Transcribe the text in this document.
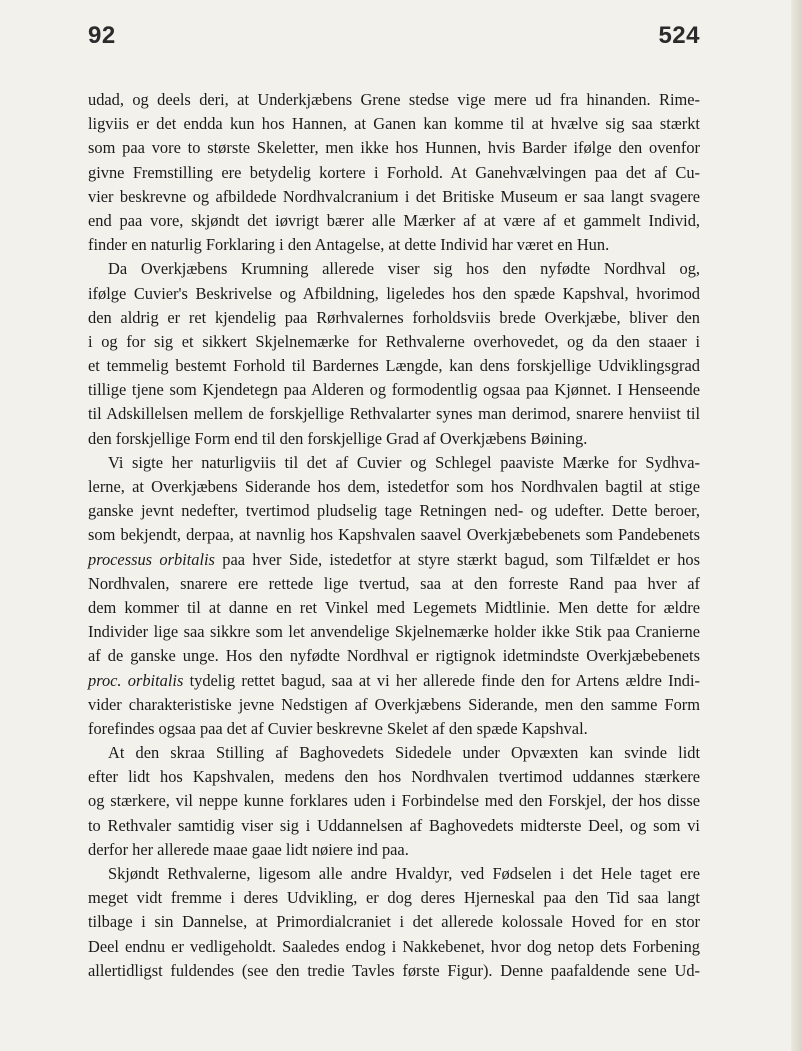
92	524
udad, og deels deri, at Underkjæbens Grene stedse vige mere ud fra hinanden. Rime-
ligviis er det endda kun hos Hannen, at Ganen kan komme til at hvælve sig saa stærkt
som paa vore to største Skeletter, men ikke hos Hunnen, hvis Barder ifølge den ovenfor
givne Fremstilling ere betydelig kortere i Forhold. At Ganehvælvingen paa det af Cu-
vier beskrevne og afbildede Nordhvalcranium i det Britiske Museum er saa langt svagere
end paa vore, skjøndt det iøvrigt bærer alle Mærker af at være af et gammelt Individ,
finder en naturlig Forklaring i den Antagelse, at dette Individ har været en Hun.
Da Overkjæbens Krumning allerede viser sig hos den nyfødte Nordhval og,
ifølge Cuvier's Beskrivelse og Afbildning, ligeledes hos den spæde Kapshval, hvorimod
den aldrig er ret kjendelig paa Rørhvalernes forholdsviis brede Overkjæbe, bliver den
i og for sig et sikkert Skjelnemærke for Rethvalerne overhovedet, og da den staaer i
et temmelig bestemt Forhold til Bardernes Længde, kan dens forskjellige Udviklingsgrad
tillige tjene som Kjendetegn paa Alderen og formodentlig ogsaa paa Kjønnet. I Henseende
til Adskillelsen mellem de forskjellige Rethvalarter synes man derimod, snarere henviist til
den forskjellige Form end til den forskjellige Grad af Overkjæbens Bøining.
Vi sigte her naturligviis til det af Cuvier og Schlegel paaviste Mærke for Sydhva-
lerne, at Overkjæbens Siderande hos dem, istedetfor som hos Nordhvalen bagtil at stige
ganske jevnt nedefter, tvertimod pludselig tage Retningen ned- og udefter. Dette beroer,
som bekjendt, derpaa, at navnlig hos Kapshvalen saavel Overkjæbebenets som Pandebenets
processus orbitalis paa hver Side, istedetfor at styre stærkt bagud, som Tilfældet er hos
Nordhvalen, snarere ere rettede lige tvertud, saa at den forreste Rand paa hver af
dem kommer til at danne en ret Vinkel med Legemets Midtlinie. Men dette for ældre
Individer lige saa sikkre som let anvendelige Skjelnemærke holder ikke Stik paa Cranierne
af de ganske unge. Hos den nyfødte Nordhval er rigtignok idetmindste Overkjæbebenets
proc. orbitalis tydelig rettet bagud, saa at vi her allerede finde den for Artens ældre Indi-
vider charakteristiske jevne Nedstigen af Overkjæbens Siderande, men den samme Form
forefindes ogsaa paa det af Cuvier beskrevne Skelet af den spæde Kapshval.
At den skraa Stilling af Baghovedets Sidedele under Opvæxten kan svinde lidt
efter lidt hos Kapshvalen, medens den hos Nordhvalen tvertimod uddannes stærkere
og stærkere, vil neppe kunne forklares uden i Forbindelse med den Forskjel, der hos disse
to Rethvaler samtidig viser sig i Uddannelsen af Baghovedets midterste Deel, og som vi
derfor her allerede maae gaae lidt nøiere ind paa.
Skjøndt Rethvalerne, ligesom alle andre Hvaldyr, ved Fødselen i det Hele taget ere
meget vidt fremme i deres Udvikling, er dog deres Hjerneskal paa den Tid saa langt
tilbage i sin Dannelse, at Primordialcraniet i det allerede kolossale Hoved for en stor
Deel endnu er vedligeholdt. Saaledes endog i Nakkebenet, hvor dog netop dets Forbening
allertidligst fuldendes (see den tredie Tavles første Figur). Denne paafaldende sene Ud-
